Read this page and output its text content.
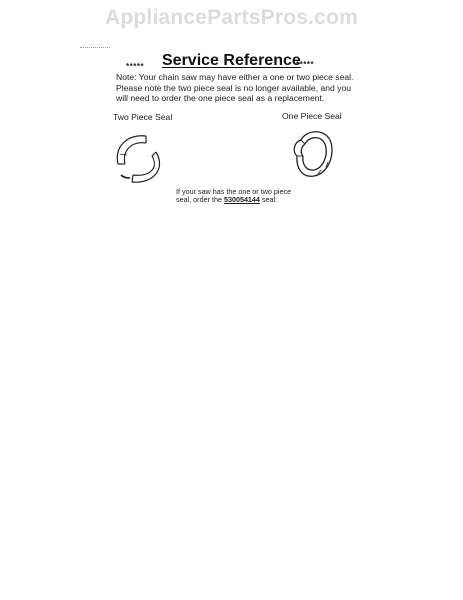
AppliancePartsPros.com
***** Service Reference
*****
Note: Your chain saw may have either a one or two piece seal. Please note the two piece seal is no longer available, and you will need to order the one piece seal as a replacement.
Two Piece Seal	One Piece Seal
If your saw has the one or two piece seal, order the 530054144 seal.
